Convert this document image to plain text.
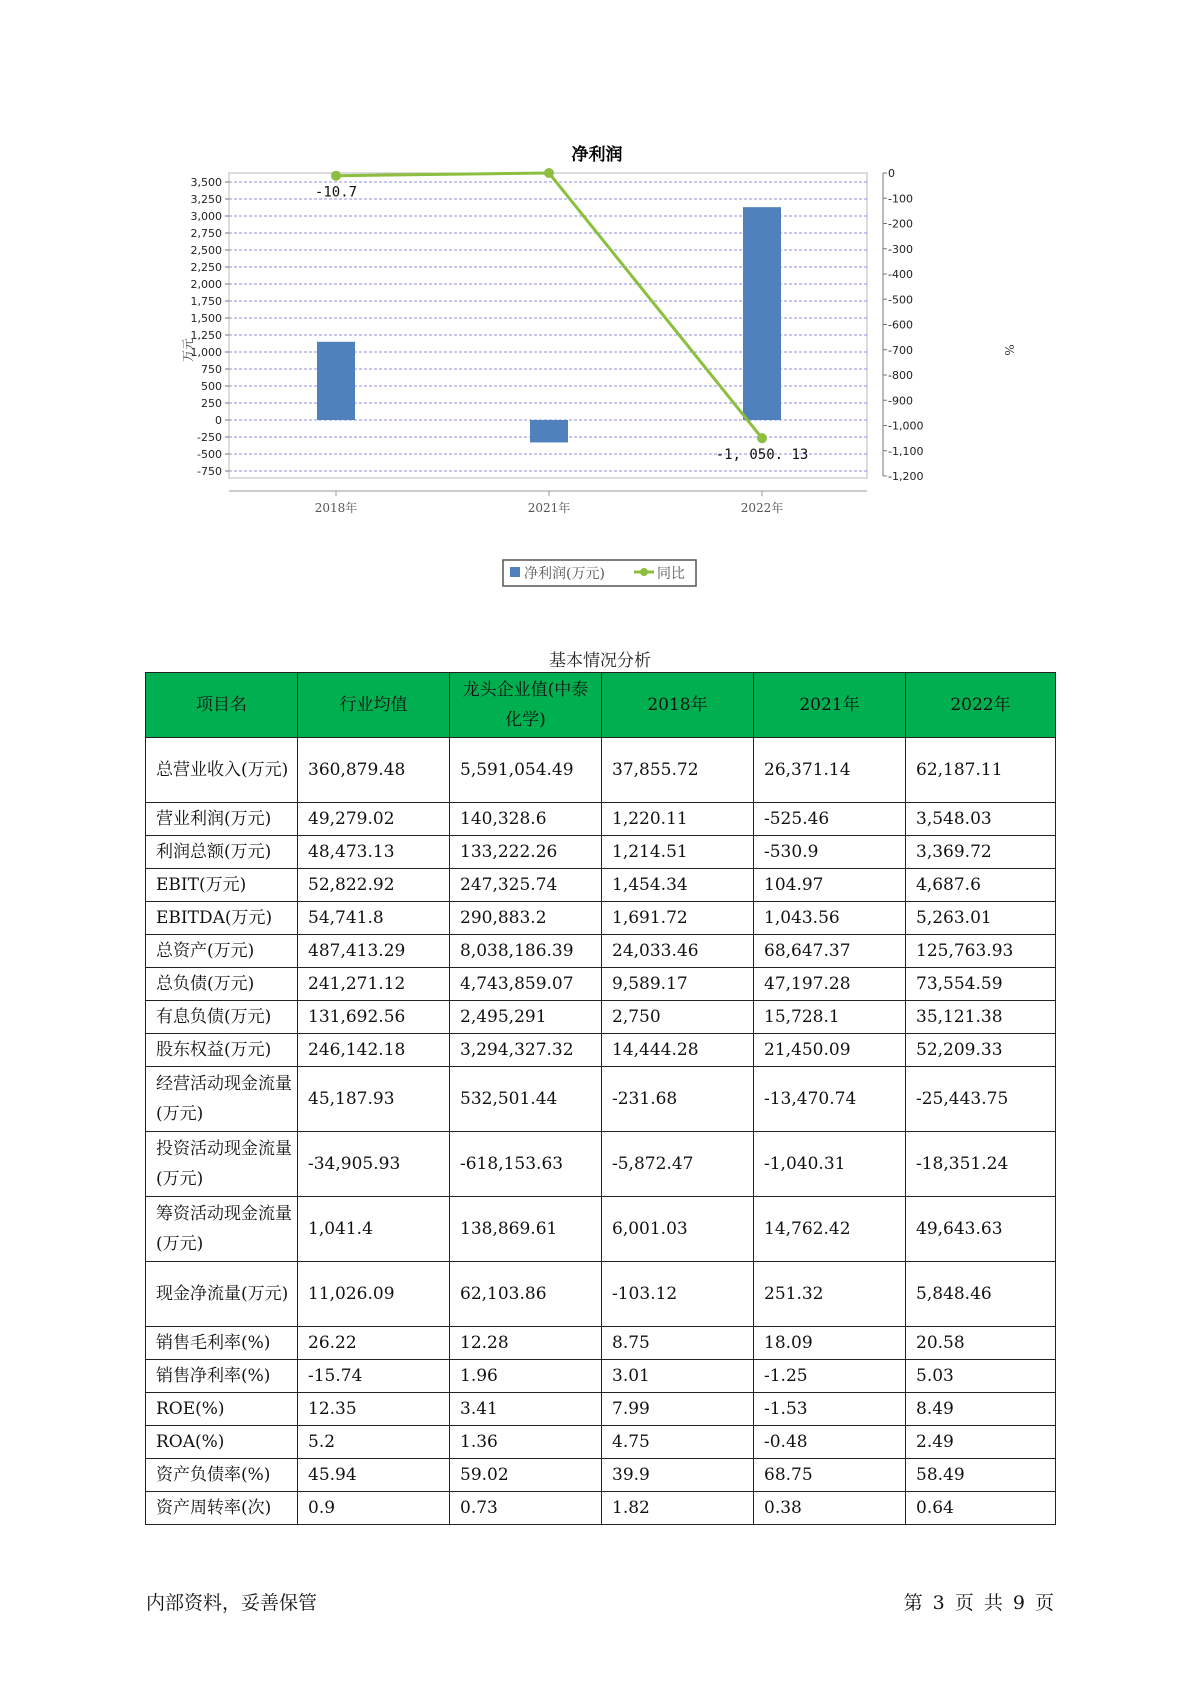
净利润
-750
-500
-250
0
250
500
750
1,000
1,250
1,500
1,750
2,000
2,250
2,500
2,750
3,000
3,250
3,500
0
-100
-200
-300
-400
-500
-600
-700
-800
-900
-1,000
-1,100
-1,200
2018年	2021年	2022年
-10.7
-1, 050. 13
万元	%
净利润(万元)	同比
基本情况分析
项目名	行业均值	龙头企业值(中泰化学)	2018年	2021年	2022年
总营业收入(万元)	360,879.48	5,591,054.49	37,855.72	26,371.14	62,187.11
营业利润(万元)	49,279.02	140,328.6	1,220.11	-525.46	3,548.03
利润总额(万元)	48,473.13	133,222.26	1,214.51	-530.9	3,369.72
EBIT(万元)	52,822.92	247,325.74	1,454.34	104.97	4,687.6
EBITDA(万元)	54,741.8	290,883.2	1,691.72	1,043.56	5,263.01
总资产(万元)	487,413.29	8,038,186.39	24,033.46	68,647.37	125,763.93
总负债(万元)	241,271.12	4,743,859.07	9,589.17	47,197.28	73,554.59
有息负债(万元)	131,692.56	2,495,291	2,750	15,728.1	35,121.38
股东权益(万元)	246,142.18	3,294,327.32	14,444.28	21,450.09	52,209.33
经营活动现金流量(万元)	45,187.93	532,501.44	-231.68	-13,470.74	-25,443.75
投资活动现金流量(万元)	-34,905.93	-618,153.63	-5,872.47	-1,040.31	-18,351.24
筹资活动现金流量(万元)	1,041.4	138,869.61	6,001.03	14,762.42	49,643.63
现金净流量(万元)	11,026.09	62,103.86	-103.12	251.32	5,848.46
销售毛利率(%)	26.22	12.28	8.75	18.09	20.58
销售净利率(%)	-15.74	1.96	3.01	-1.25	5.03
ROE(%)	12.35	3.41	7.99	-1.53	8.49
ROA(%)	5.2	1.36	4.75	-0.48	2.49
资产负债率(%)	45.94	59.02	39.9	68.75	58.49
资产周转率(次)	0.9	0.73	1.82	0.38	0.64
内部资料，妥善保管	第 3 页 共 9 页
